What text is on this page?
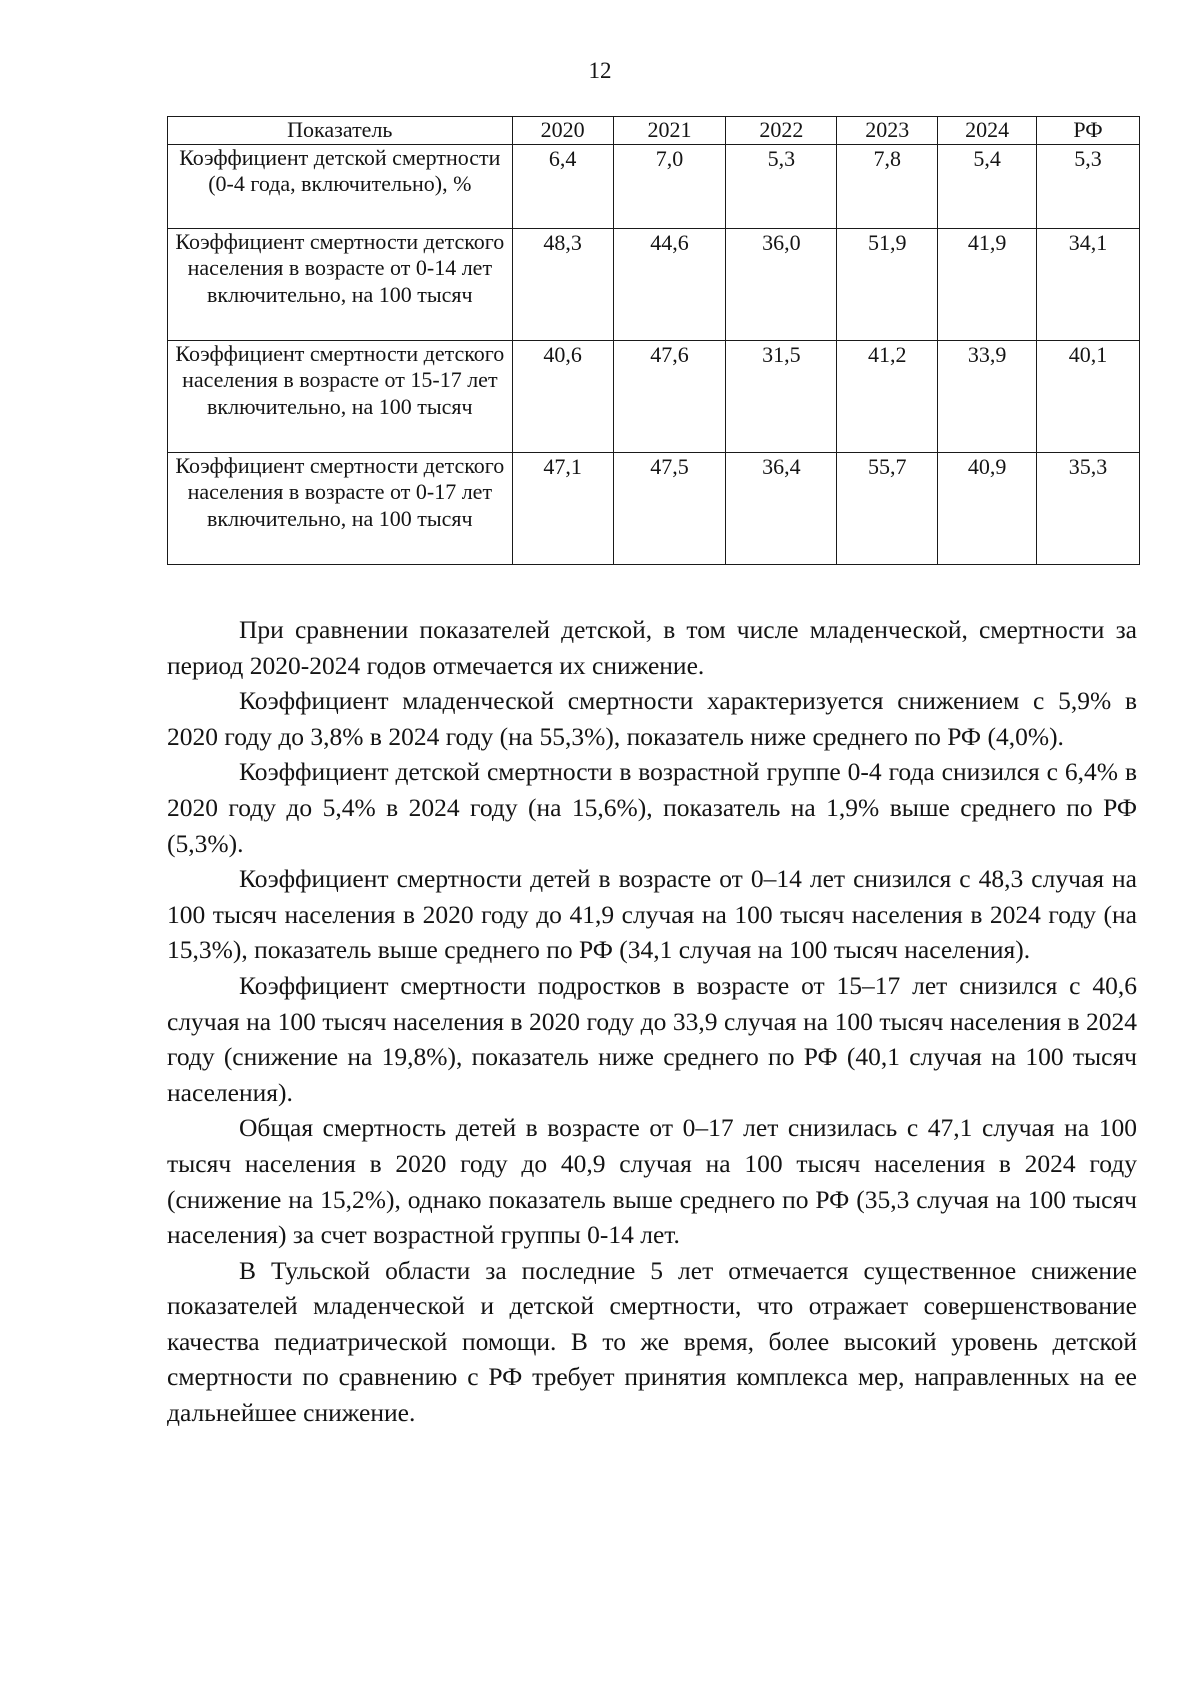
12
Показатель	2020	2021	2022	2023	2024	РФ
Коэффициент детской смертности (0-4 года, включительно), %	6,4	7,0	5,3	7,8	5,4	5,3
Коэффициент смертности детского населения в возрасте от 0-14 лет включительно, на 100 тысяч	48,3	44,6	36,0	51,9	41,9	34,1
Коэффициент смертности детского населения в возрасте от 15-17 лет включительно, на 100 тысяч	40,6	47,6	31,5	41,2	33,9	40,1
Коэффициент смертности детского населения в возрасте от 0-17 лет включительно, на 100 тысяч	47,1	47,5	36,4	55,7	40,9	35,3

При сравнении показателей детской, в том числе младенческой, смертности за период 2020-2024 годов отмечается их снижение.

Коэффициент младенческой смертности характеризуется снижением с 5,9% в 2020 году до 3,8% в 2024 году (на 55,3%), показатель ниже среднего по РФ (4,0%).

Коэффициент детской смертности в возрастной группе 0-4 года снизился с 6,4% в 2020 году до 5,4% в 2024 году (на 15,6%), показатель на 1,9% выше среднего по РФ (5,3%).

Коэффициент смертности детей в возрасте от 0–14 лет снизился с 48,3 случая на 100 тысяч населения в 2020 году до 41,9 случая на 100 тысяч населения в 2024 году (на 15,3%), показатель выше среднего по РФ (34,1 случая на 100 тысяч населения).

Коэффициент смертности подростков в возрасте от 15–17 лет снизился с 40,6 случая на 100 тысяч населения в 2020 году до 33,9 случая на 100 тысяч населения в 2024 году (снижение на 19,8%), показатель ниже среднего по РФ (40,1 случая на 100 тысяч населения).

Общая смертность детей в возрасте от 0–17 лет снизилась с 47,1 случая на 100 тысяч населения в 2020 году до 40,9 случая на 100 тысяч населения в 2024 году (снижение на 15,2%), однако показатель выше среднего по РФ (35,3 случая на 100 тысяч населения) за счет возрастной группы 0-14 лет.

В Тульской области за последние 5 лет отмечается существенное снижение показателей младенческой и детской смертности, что отражает совершенствование качества педиатрической помощи. В то же время, более высокий уровень детской смертности по сравнению с РФ требует принятия комплекса мер, направленных на ее дальнейшее снижение.
